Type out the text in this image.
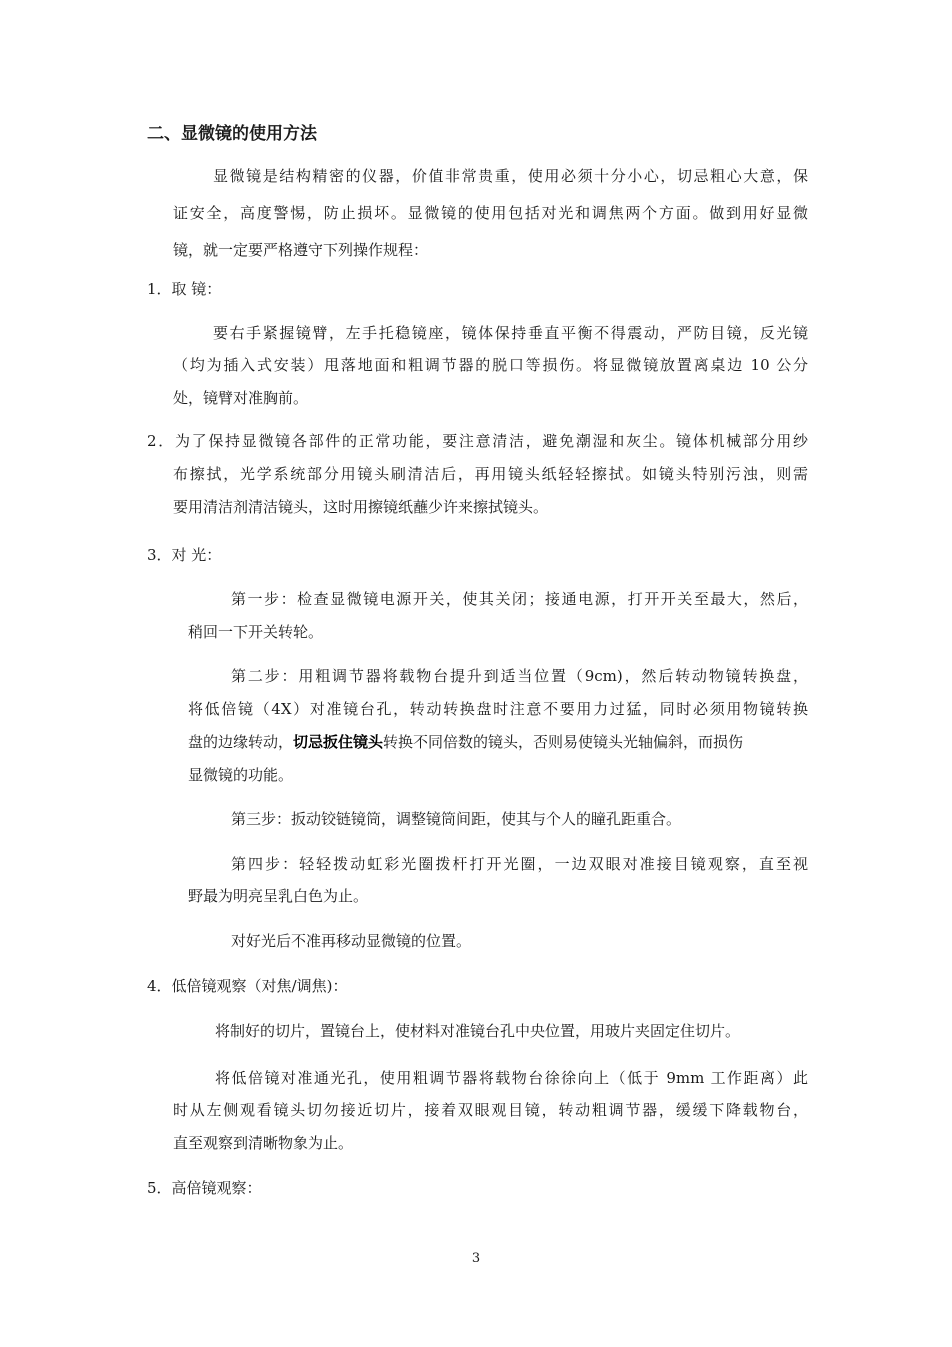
二、显微镜的使用方法

显微镜是结构精密的仪器，价值非常贵重，使用必须十分小心，切忌粗心大意，保

证安全，高度警惕，防止损坏。显微镜的使用包括对光和调焦两个方面。做到用好显微

镜，就一定要严格遵守下列操作规程：

1．取 镜：

要右手紧握镜臂，左手托稳镜座，镜体保持垂直平衡不得震动，严防目镜，反光镜

（均为插入式安装）甩落地面和粗调节器的脱口等损伤。将显微镜放置离桌边 10 公分

处，镜臂对准胸前。

2．为了保持显微镜各部件的正常功能，要注意清洁，避免潮湿和灰尘。镜体机械部分用纱

布擦拭，光学系统部分用镜头刷清洁后，再用镜头纸轻轻擦拭。如镜头特别污浊，则需

要用清洁剂清洁镜头，这时用擦镜纸蘸少许来擦拭镜头。

3．对 光：

第一步：检查显微镜电源开关，使其关闭；接通电源，打开开关至最大，然后，

稍回一下开关转轮。

第二步：用粗调节器将载物台提升到适当位置（9cm)，然后转动物镜转换盘，

将低倍镜（4X）对准镜台孔，转动转换盘时注意不要用力过猛，同时必须用物镜转换

盘的边缘转动，切忌扳住镜头转换不同倍数的镜头，否则易使镜头光轴偏斜，而损伤

显微镜的功能。

第三步：扳动铰链镜筒，调整镜筒间距，使其与个人的瞳孔距重合。

第四步：轻轻拨动虹彩光圈拨杆打开光圈，一边双眼对准接目镜观察，直至视

野最为明亮呈乳白色为止。

对好光后不准再移动显微镜的位置。

4．低倍镜观察（对焦/调焦)：

将制好的切片，置镜台上，使材料对准镜台孔中央位置，用玻片夹固定住切片。

将低倍镜对准通光孔，使用粗调节器将载物台徐徐向上（低于 9mm 工作距离）此

时从左侧观看镜头切勿接近切片，接着双眼观目镜，转动粗调节器，缓缓下降载物台，

直至观察到清晰物象为止。

5．高倍镜观察：

3
